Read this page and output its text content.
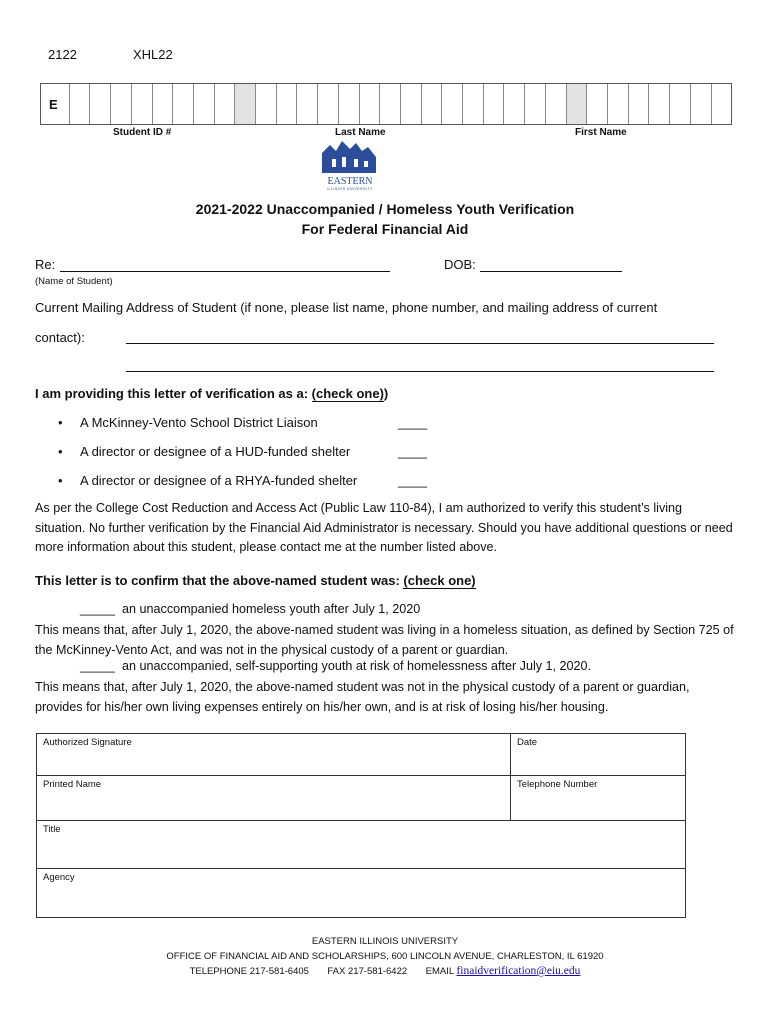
2122	XHL22
E
Student ID #	Last Name	First Name
EASTERN
ILLINOIS UNIVERSITY
2021-2022 Unaccompanied / Homeless Youth Verification
For Federal Financial Aid
Re:	DOB:
(Name of Student)
Current Mailing Address of Student (if none, please list name, phone number, and mailing address of current
contact):
I am providing this letter of verification as a: (check one))
• A McKinney-Vento School District Liaison	____
• A director or designee of a HUD-funded shelter	____
• A director or designee of a RHYA-funded shelter	____
As per the College Cost Reduction and Access Act (Public Law 110-84), I am authorized to verify this student’s living situation. No further verification by the Financial Aid Administrator is necessary. Should you have additional questions or need more information about this student, please contact me at the number listed above.
This letter is to confirm that the above-named student was: (check one)
_____ an unaccompanied homeless youth after July 1, 2020
This means that, after July 1, 2020, the above-named student was living in a homeless situation, as defined by Section 725 of the McKinney-Vento Act, and was not in the physical custody of a parent or guardian.
_____ an unaccompanied, self-supporting youth at risk of homelessness after July 1, 2020.
This means that, after July 1, 2020, the above-named student was not in the physical custody of a parent or guardian, provides for his/her own living expenses entirely on his/her own, and is at risk of losing his/her housing.
Authorized Signature	Date
Printed Name	Telephone Number
Title
Agency
EASTERN ILLINOIS UNIVERSITY
OFFICE OF FINANCIAL AID AND SCHOLARSHIPS, 600 LINCOLN AVENUE, CHARLESTON, IL 61920
TELEPHONE 217-581-6405 FAX 217-581-6422 EMAIL finaidverification@eiu.edu
